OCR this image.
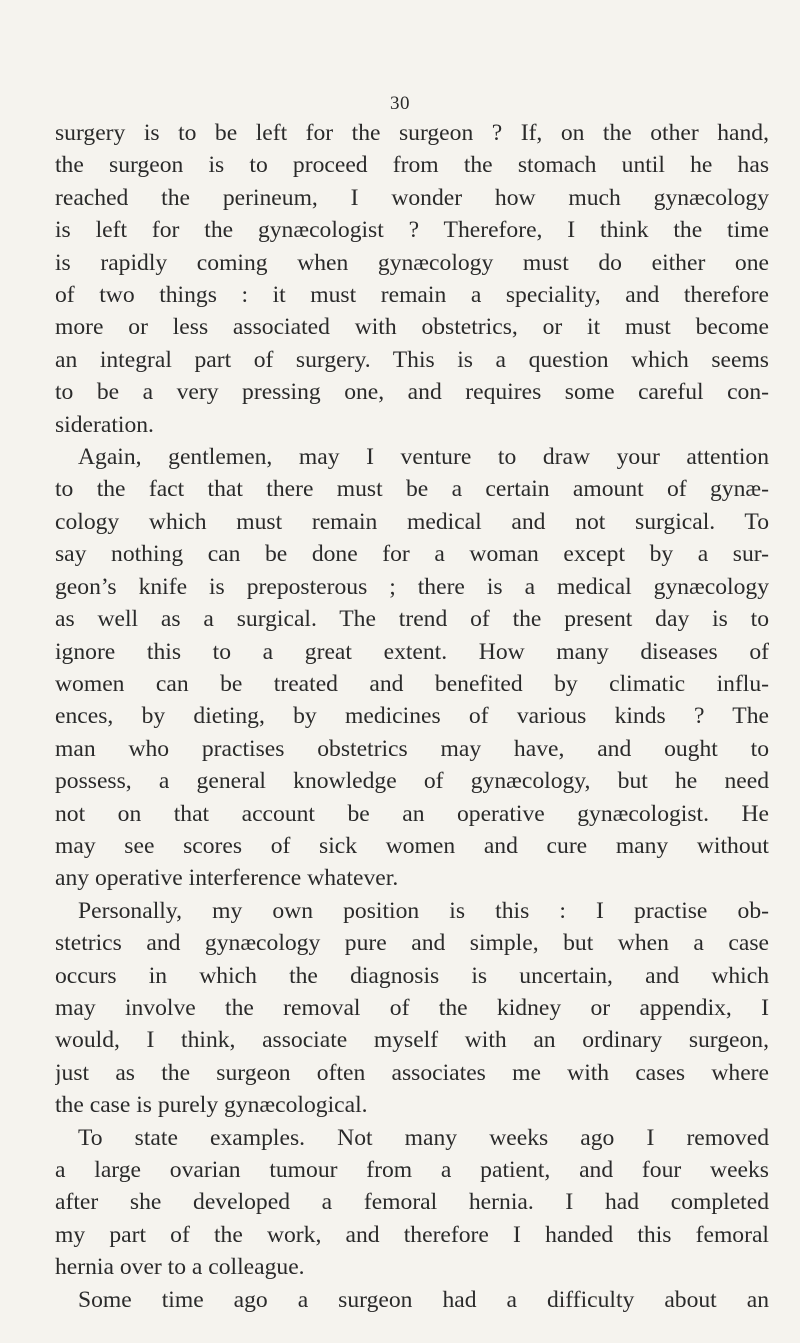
30
surgery is to be left for the surgeon ? If, on the other hand,
the surgeon is to proceed from the stomach until he has
reached the perineum, I wonder how much gynæcology
is left for the gynæcologist ? Therefore, I think the time
is rapidly coming when gynæcology must do either one
of two things : it must remain a speciality, and therefore
more or less associated with obstetrics, or it must become
an integral part of surgery. This is a question which seems
to be a very pressing one, and requires some careful con-
sideration.
Again, gentlemen, may I venture to draw your attention
to the fact that there must be a certain amount of gynæ-
cology which must remain medical and not surgical. To
say nothing can be done for a woman except by a sur-
geon’s knife is preposterous ; there is a medical gynæcology
as well as a surgical. The trend of the present day is to
ignore this to a great extent. How many diseases of
women can be treated and benefited by climatic influ-
ences, by dieting, by medicines of various kinds ? The
man who practises obstetrics may have, and ought to
possess, a general knowledge of gynæcology, but he need
not on that account be an operative gynæcologist. He
may see scores of sick women and cure many without
any operative interference whatever.
Personally, my own position is this : I practise ob-
stetrics and gynæcology pure and simple, but when a case
occurs in which the diagnosis is uncertain, and which
may involve the removal of the kidney or appendix, I
would, I think, associate myself with an ordinary surgeon,
just as the surgeon often associates me with cases where
the case is purely gynæcological.
To state examples. Not many weeks ago I removed
a large ovarian tumour from a patient, and four weeks
after she developed a femoral hernia. I had completed
my part of the work, and therefore I handed this femoral
hernia over to a colleague.
Some time ago a surgeon had a difficulty about an
